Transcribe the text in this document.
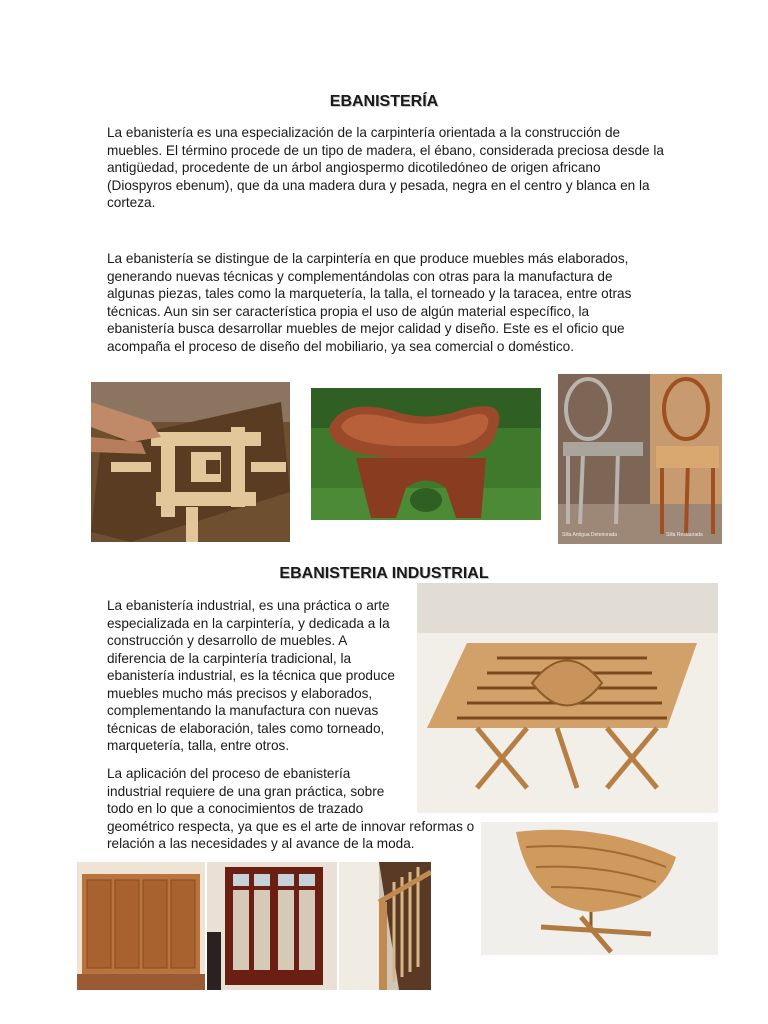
EBANISTERÍA

La ebanistería es una especialización de la carpintería orientada a la construcción de muebles. El término procede de un tipo de madera, el ébano, considerada preciosa desde la antigüedad, procedente de un árbol angiospermo dicotiledóneo de origen africano (Diospyros ebenum), que da una madera dura y pesada, negra en el centro y blanca en la corteza.

La ebanistería se distingue de la carpintería en que produce muebles más elaborados, generando nuevas técnicas y complementándolas con otras para la manufactura de algunas piezas, tales como la marquetería, la talla, el torneado y la taracea, entre otras técnicas. Aun sin ser característica propia el uso de algún material específico, la ebanistería busca desarrollar muebles de mejor calidad y diseño. Este es el oficio que acompaña el proceso de diseño del mobiliario, ya sea comercial o doméstico.

Silla Antigua Deteriorada	Silla Restaurada
EBANISTERIA INDUSTRIAL

La ebanistería industrial, es una práctica o arte especializada en la carpintería, y dedicada a la construcción y desarrollo de muebles. A diferencia de la carpintería tradicional, la ebanistería industrial, es la técnica que produce muebles mucho más precisos y elaborados, complementando la manufactura con nuevas técnicas de elaboración, tales como torneado, marquetería, talla, entre otros.

La aplicación del proceso de ebanistería
industrial requiere de una gran práctica, sobre
todo en lo que a conocimientos de trazado
geométrico respecta, ya que es el arte de innovar reformas o
relación a las necesidades y al avance de la moda.
